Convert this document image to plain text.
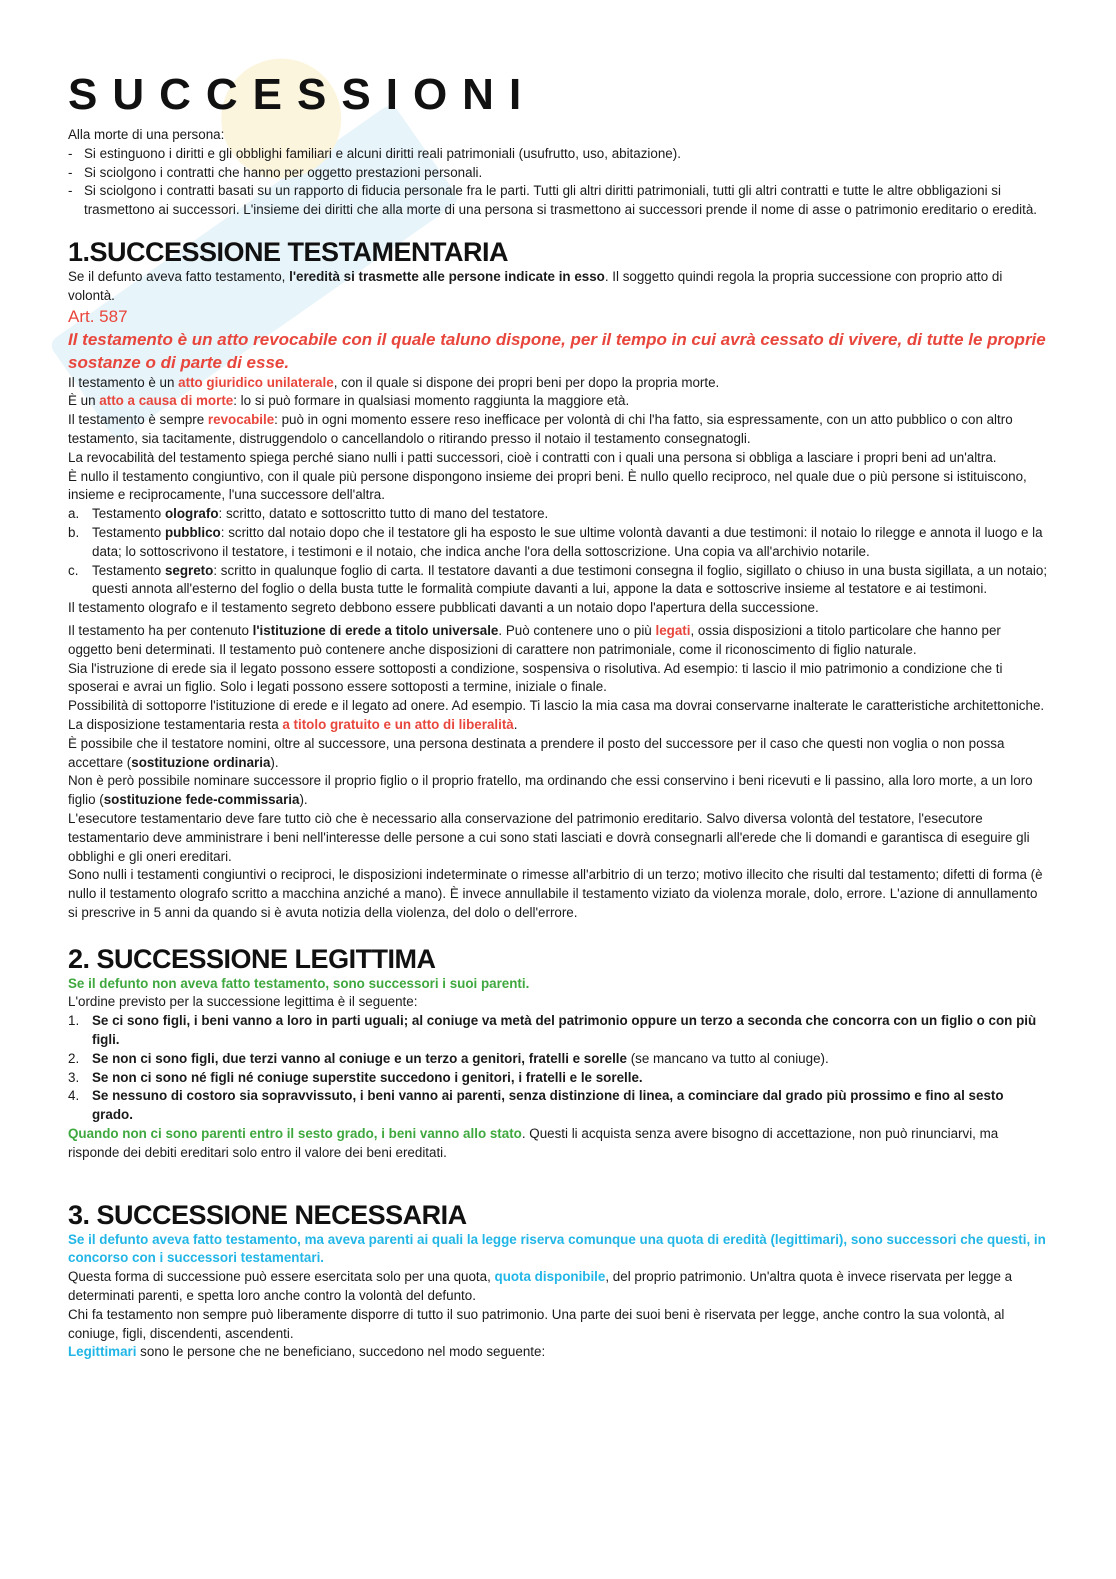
SUCCESSIONI

Alla morte di una persona:

- Si estinguono i diritti e gli obblighi familiari e alcuni diritti reali patrimoniali (usufrutto, uso, abitazione).
- Si sciolgono i contratti che hanno per oggetto prestazioni personali.
- Si sciolgono i contratti basati su un rapporto di fiducia personale fra le parti. Tutti gli altri diritti patrimoniali, tutti gli altri contratti e tutte le altre obbligazioni si trasmettono ai successori. L'insieme dei diritti che alla morte di una persona si trasmettono ai successori prende il nome di asse o patrimonio ereditario o eredità.
1.SUCCESSIONE TESTAMENTARIA

Se il defunto aveva fatto testamento, l'eredità si trasmette alle persone indicate in esso. Il soggetto quindi regola la propria successione con proprio atto di volontà.

Art. 587

Il testamento è un atto revocabile con il quale taluno dispone, per il tempo in cui avrà cessato di vivere, di tutte le proprie sostanze o di parte di esse.

Il testamento è un atto giuridico unilaterale, con il quale si dispone dei propri beni per dopo la propria morte.

È un atto a causa di morte: lo si può formare in qualsiasi momento raggiunta la maggiore età.

Il testamento è sempre revocabile: può in ogni momento essere reso inefficace per volontà di chi l'ha fatto, sia espressamente, con un atto pubblico o con altro testamento, sia tacitamente, distruggendolo o cancellandolo o ritirando presso il notaio il testamento consegnatogli.

La revocabilità del testamento spiega perché siano nulli i patti successori, cioè i contratti con i quali una persona si obbliga a lasciare i propri beni ad un'altra.

È nullo il testamento congiuntivo, con il quale più persone dispongono insieme dei propri beni. È nullo quello reciproco, nel quale due o più persone si istituiscono, insieme e reciprocamente, l'una successore dell'altra.

a. Testamento olografo: scritto, datato e sottoscritto tutto di mano del testatore.
b. Testamento pubblico: scritto dal notaio dopo che il testatore gli ha esposto le sue ultime volontà davanti a due testimoni: il notaio lo rilegge e annota il luogo e la data; lo sottoscrivono il testatore, i testimoni e il notaio, che indica anche l'ora della sottoscrizione. Una copia va all'archivio notarile.
c. Testamento segreto: scritto in qualunque foglio di carta. Il testatore davanti a due testimoni consegna il foglio, sigillato o chiuso in una busta sigillata, a un notaio; questi annota all'esterno del foglio o della busta tutte le formalità compiute davanti a lui, appone la data e sottoscrive insieme al testatore e ai testimoni.

Il testamento olografo e il testamento segreto debbono essere pubblicati davanti a un notaio dopo l'apertura della successione.

Il testamento ha per contenuto l'istituzione di erede a titolo universale. Può contenere uno o più legati, ossia disposizioni a titolo particolare che hanno per oggetto beni determinati. Il testamento può contenere anche disposizioni di carattere non patrimoniale, come il riconoscimento di figlio naturale.

Sia l'istruzione di erede sia il legato possono essere sottoposti a condizione, sospensiva o risolutiva. Ad esempio: ti lascio il mio patrimonio a condizione che ti sposerai e avrai un figlio. Solo i legati possono essere sottoposti a termine, iniziale o finale.

Possibilità di sottoporre l'istituzione di erede e il legato ad onere. Ad esempio. Ti lascio la mia casa ma dovrai conservarne inalterate le caratteristiche architettoniche.

La disposizione testamentaria resta a titolo gratuito e un atto di liberalità.

È possibile che il testatore nomini, oltre al successore, una persona destinata a prendere il posto del successore per il caso che questi non voglia o non possa accettare (sostituzione ordinaria).

Non è però possibile nominare successore il proprio figlio o il proprio fratello, ma ordinando che essi conservino i beni ricevuti e li passino, alla loro morte, a un loro figlio (sostituzione fede-commissaria).

L'esecutore testamentario deve fare tutto ciò che è necessario alla conservazione del patrimonio ereditario. Salvo diversa volontà del testatore, l'esecutore testamentario deve amministrare i beni nell'interesse delle persone a cui sono stati lasciati e dovrà consegnarli all'erede che li domandi e garantisca di eseguire gli obblighi e gli oneri ereditari.

Sono nulli i testamenti congiuntivi o reciproci, le disposizioni indeterminate o rimesse all'arbitrio di un terzo; motivo illecito che risulti dal testamento; difetti di forma (è nullo il testamento olografo scritto a macchina anziché a mano). È invece annullabile il testamento viziato da violenza morale, dolo, errore. L'azione di annullamento si prescrive in 5 anni da quando si è avuta notizia della violenza, del dolo o dell'errore.

2. SUCCESSIONE LEGITTIMA

Se il defunto non aveva fatto testamento, sono successori i suoi parenti.

L'ordine previsto per la successione legittima è il seguente:

1. Se ci sono figli, i beni vanno a loro in parti uguali; al coniuge va metà del patrimonio oppure un terzo a seconda che concorra con un figlio o con più figli.
2. Se non ci sono figli, due terzi vanno al coniuge e un terzo a genitori, fratelli e sorelle (se mancano va tutto al coniuge).
3. Se non ci sono né figli né coniuge superstite succedono i genitori, i fratelli e le sorelle.
4. Se nessuno di costoro sia sopravvissuto, i beni vanno ai parenti, senza distinzione di linea, a cominciare dal grado più prossimo e fino al sesto grado.

Quando non ci sono parenti entro il sesto grado, i beni vanno allo stato. Questi li acquista senza avere bisogno di accettazione, non può rinunciarvi, ma risponde dei debiti ereditari solo entro il valore dei beni ereditati.

3. SUCCESSIONE NECESSARIA

Se il defunto aveva fatto testamento, ma aveva parenti ai quali la legge riserva comunque una quota di eredità (legittimari), sono successori che questi, in concorso con i successori testamentari.

Questa forma di successione può essere esercitata solo per una quota, quota disponibile, del proprio patrimonio. Un'altra quota è invece riservata per legge a determinati parenti, e spetta loro anche contro la volontà del defunto.

Chi fa testamento non sempre può liberamente disporre di tutto il suo patrimonio. Una parte dei suoi beni è riservata per legge, anche contro la sua volontà, al coniuge, figli, discendenti, ascendenti.

Legittimari sono le persone che ne beneficiano, succedono nel modo seguente:
